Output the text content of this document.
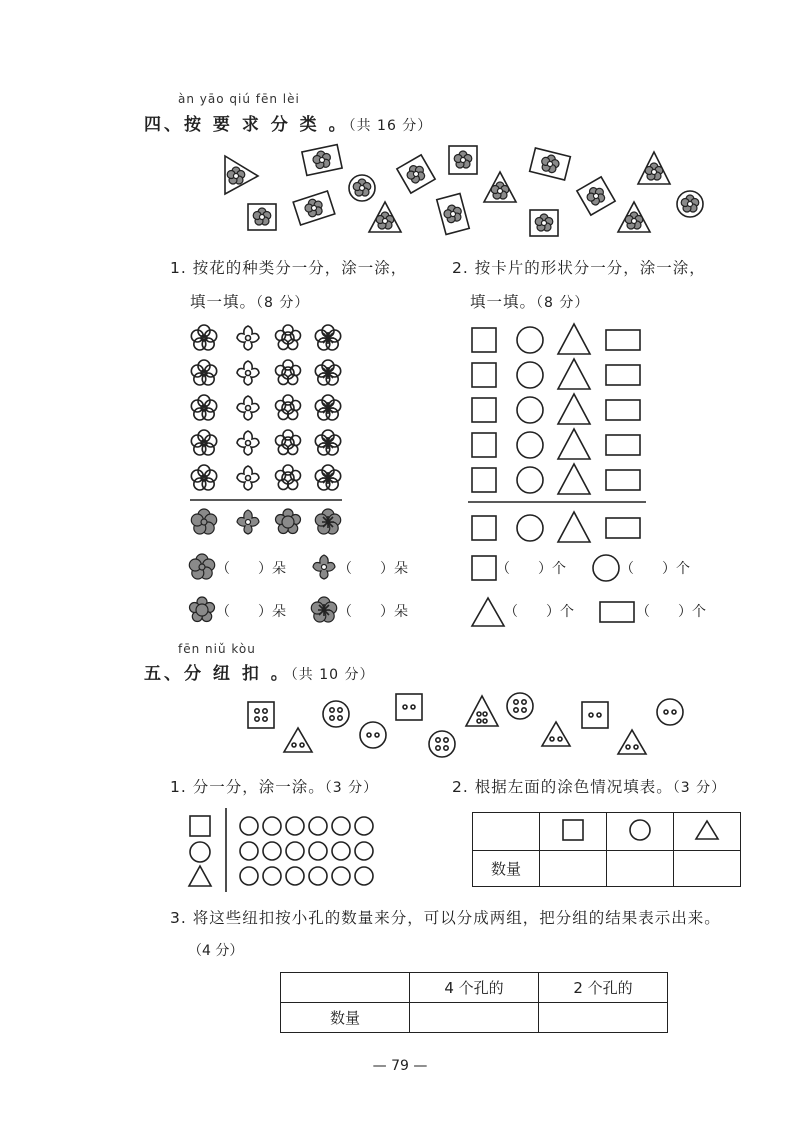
àn yāo qiú fēn lèi
四、按 要 求 分 类 。（共 16 分）
1. 按花的种类分一分，涂一涂，
填一填。（8 分）
2. 按卡片的形状分一分，涂一涂，
填一填。（8 分）
（　　）朵	（　　）朵
（　　）朵	（　　）朵
（　　）个	（　　）个
（　　）个	（　　）个
fēn niǔ kòu
五、分 纽 扣 。（共 10 分）
1. 分一分，涂一涂。（3 分）	2. 根据左面的涂色情况填表。（3 分）

数量			
3. 将这些纽扣按小孔的数量来分，可以分成两组，把分组的结果表示出来。
（4 分）
	4 个孔的	2 个孔的
数量		
— 79 —
